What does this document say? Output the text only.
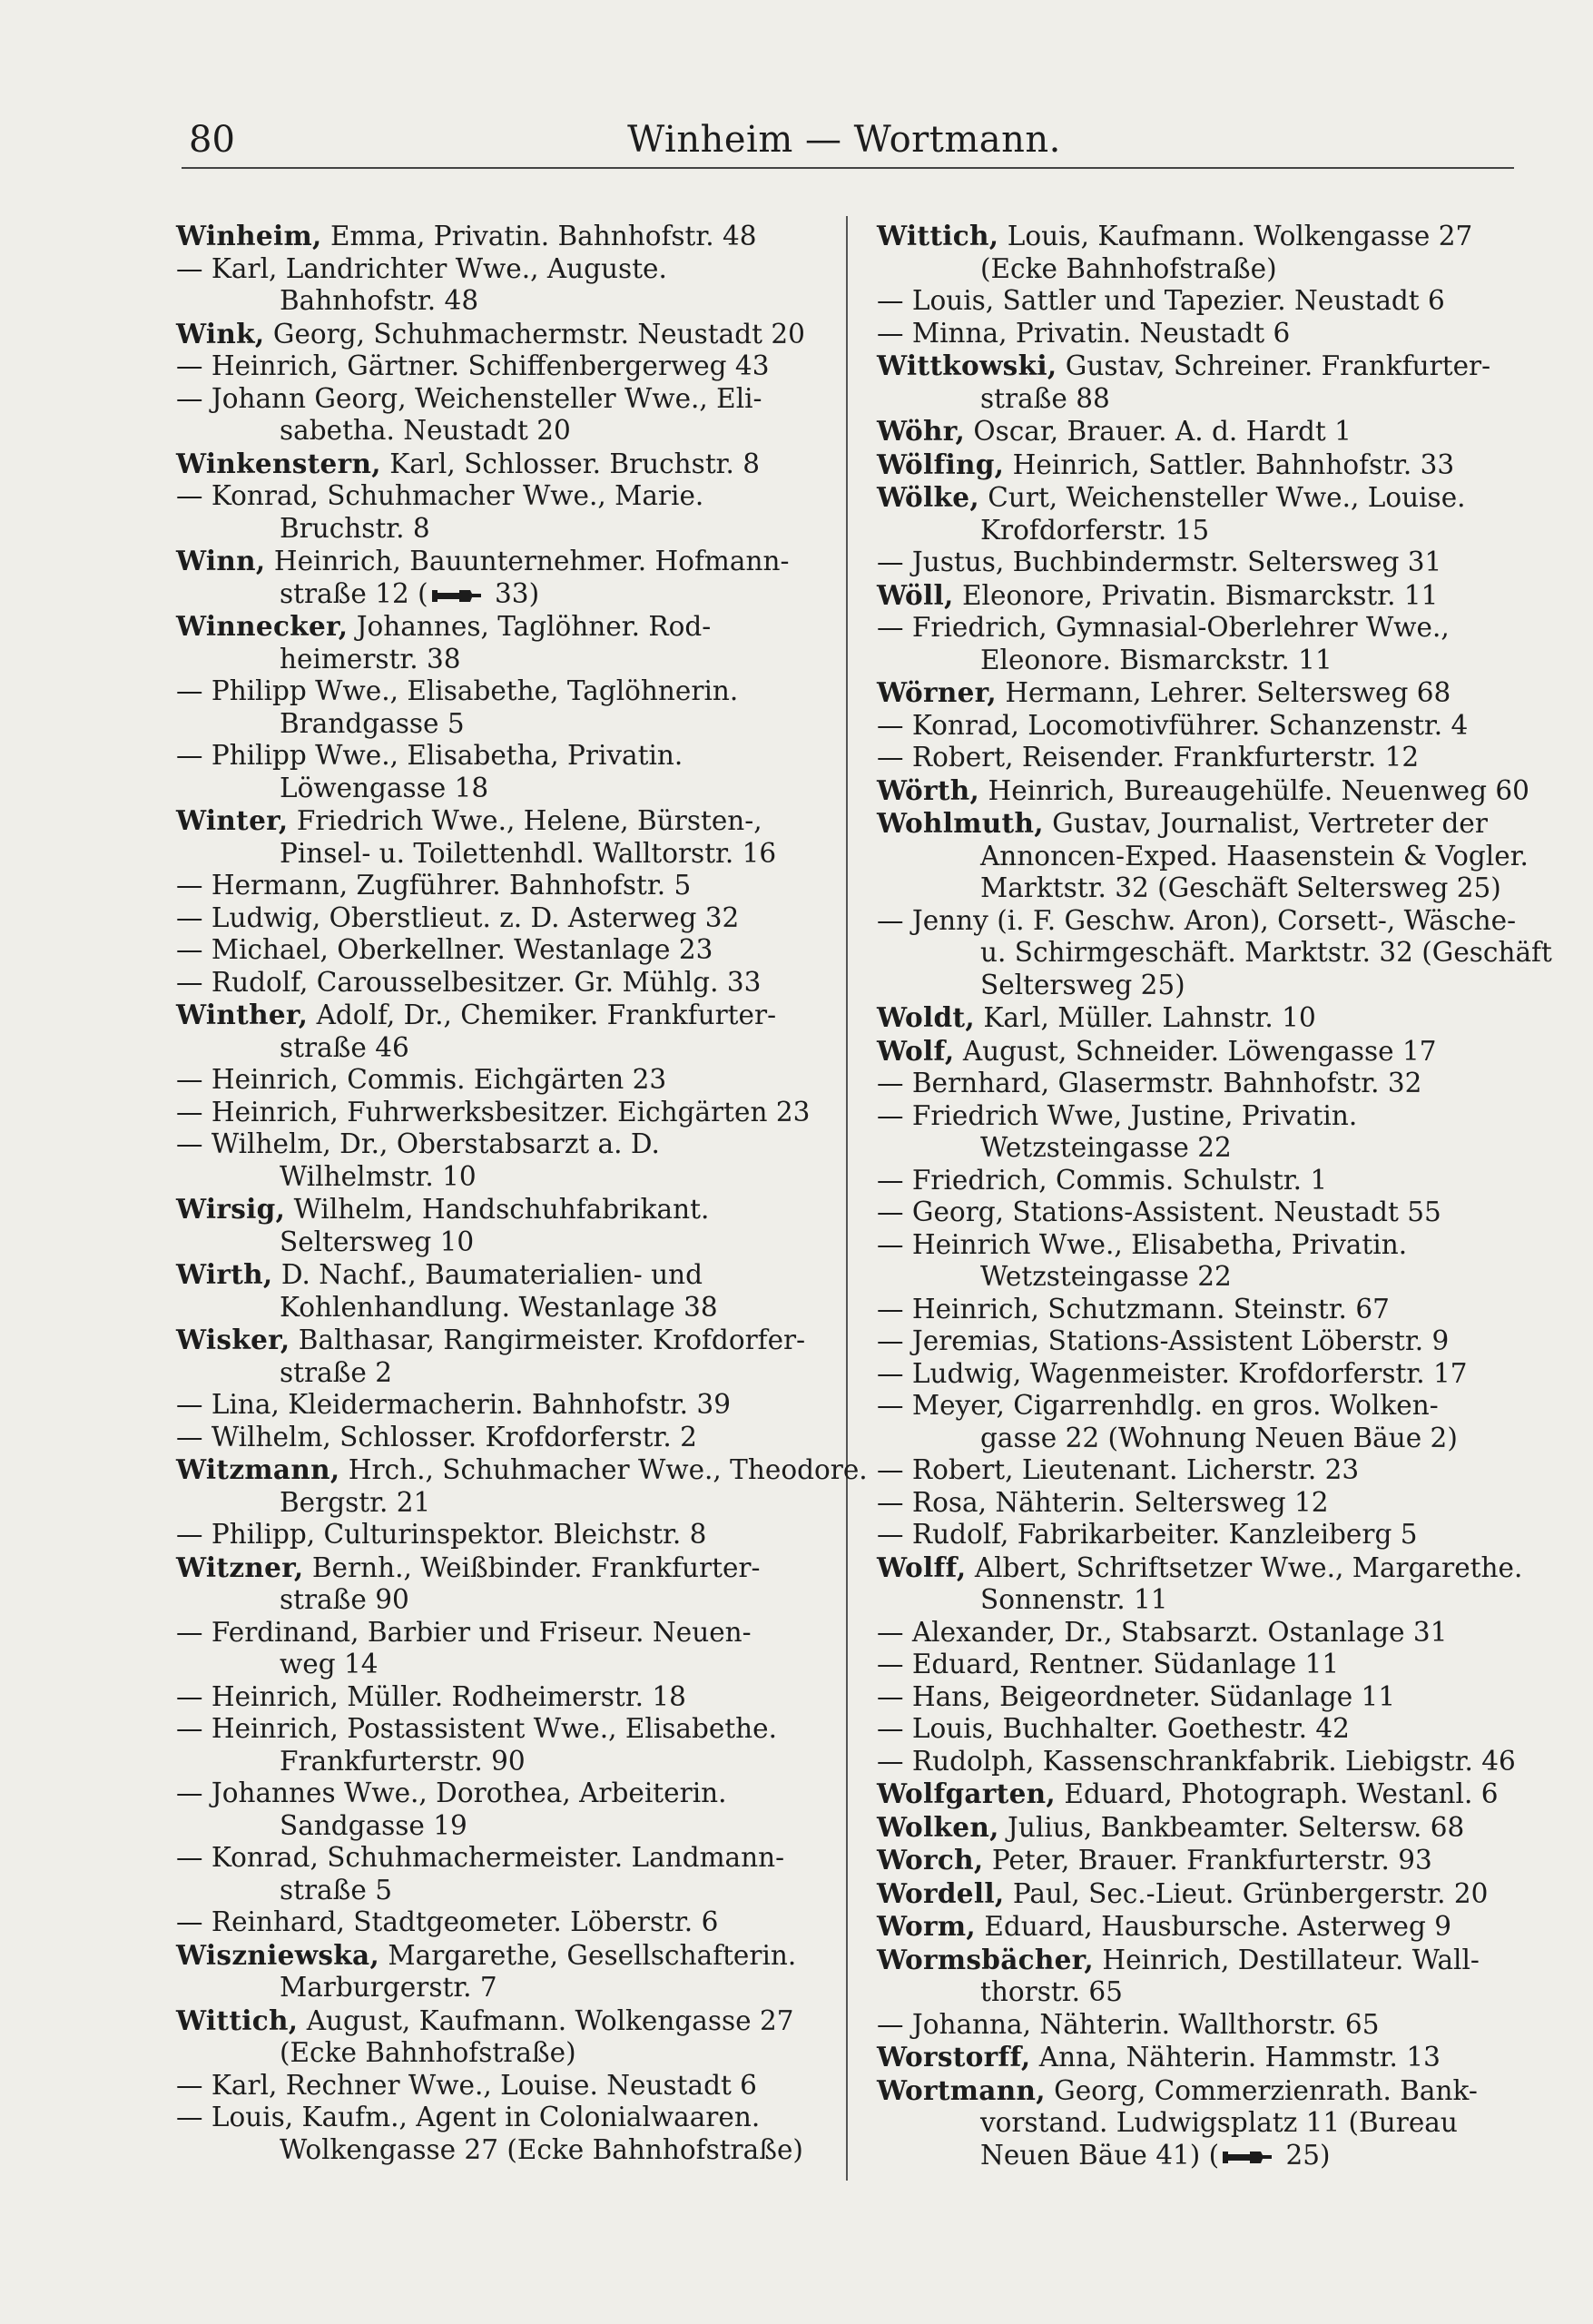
80	Winheim — Wortmann.
Winheim, Emma, Privatin. Bahnhofstr. 48
— Karl, Landrichter Wwe., Auguste.
Bahnhofstr. 48
Wink, Georg, Schuhmachermstr. Neustadt 20
— Heinrich, Gärtner. Schiffenbergerweg 43
— Johann Georg, Weichensteller Wwe., Eli-
sabetha. Neustadt 20
Winkenstern, Karl, Schlosser. Bruchstr. 8
— Konrad, Schuhmacher Wwe., Marie.
Bruchstr. 8
Winn, Heinrich, Bauunternehmer. Hofmann-
straße 12 ( 33)
Winnecker, Johannes, Taglöhner. Rod-
heimerstr. 38
— Philipp Wwe., Elisabethe, Taglöhnerin.
Brandgasse 5
— Philipp Wwe., Elisabetha, Privatin.
Löwengasse 18
Winter, Friedrich Wwe., Helene, Bürsten-,
Pinsel- u. Toilettenhdl. Walltorstr. 16
— Hermann, Zugführer. Bahnhofstr. 5
— Ludwig, Oberstlieut. z. D. Asterweg 32
— Michael, Oberkellner. Westanlage 23
— Rudolf, Carousselbesitzer. Gr. Mühlg. 33
Winther, Adolf, Dr., Chemiker. Frankfurter-
straße 46
— Heinrich, Commis. Eichgärten 23
— Heinrich, Fuhrwerksbesitzer. Eichgärten 23
— Wilhelm, Dr., Oberstabsarzt a. D.
Wilhelmstr. 10
Wirsig, Wilhelm, Handschuhfabrikant.
Seltersweg 10
Wirth, D. Nachf., Baumaterialien- und
Kohlenhandlung. Westanlage 38
Wisker, Balthasar, Rangirmeister. Krofdorfer-
straße 2
— Lina, Kleidermacherin. Bahnhofstr. 39
— Wilhelm, Schlosser. Krofdorferstr. 2
Witzmann, Hrch., Schuhmacher Wwe., Theodore.
Bergstr. 21
— Philipp, Culturinspektor. Bleichstr. 8
Witzner, Bernh., Weißbinder. Frankfurter-
straße 90
— Ferdinand, Barbier und Friseur. Neuen-
weg 14
— Heinrich, Müller. Rodheimerstr. 18
— Heinrich, Postassistent Wwe., Elisabethe.
Frankfurterstr. 90
— Johannes Wwe., Dorothea, Arbeiterin.
Sandgasse 19
— Konrad, Schuhmachermeister. Landmann-
straße 5
— Reinhard, Stadtgeometer. Löberstr. 6
Wiszniewska, Margarethe, Gesellschafterin.
Marburgerstr. 7
Wittich, August, Kaufmann. Wolkengasse 27
(Ecke Bahnhofstraße)
— Karl, Rechner Wwe., Louise. Neustadt 6
— Louis, Kaufm., Agent in Colonialwaaren.
Wolkengasse 27 (Ecke Bahnhofstraße)
Wittich, Louis, Kaufmann. Wolkengasse 27
(Ecke Bahnhofstraße)
— Louis, Sattler und Tapezier. Neustadt 6
— Minna, Privatin. Neustadt 6
Wittkowski, Gustav, Schreiner. Frankfurter-
straße 88
Wöhr, Oscar, Brauer. A. d. Hardt 1
Wölfing, Heinrich, Sattler. Bahnhofstr. 33
Wölke, Curt, Weichensteller Wwe., Louise.
Krofdorferstr. 15
— Justus, Buchbindermstr. Seltersweg 31
Wöll, Eleonore, Privatin. Bismarckstr. 11
— Friedrich, Gymnasial-Oberlehrer Wwe.,
Eleonore. Bismarckstr. 11
Wörner, Hermann, Lehrer. Seltersweg 68
— Konrad, Locomotivführer. Schanzenstr. 4
— Robert, Reisender. Frankfurterstr. 12
Wörth, Heinrich, Bureaugehülfe. Neuenweg 60
Wohlmuth, Gustav, Journalist, Vertreter der
Annoncen-Exped. Haasenstein & Vogler.
Marktstr. 32 (Geschäft Seltersweg 25)
— Jenny (i. F. Geschw. Aron), Corsett-, Wäsche-
u. Schirmgeschäft. Marktstr. 32 (Geschäft
Seltersweg 25)
Woldt, Karl, Müller. Lahnstr. 10
Wolf, August, Schneider. Löwengasse 17
— Bernhard, Glasermstr. Bahnhofstr. 32
— Friedrich Wwe, Justine, Privatin.
Wetzsteingasse 22
— Friedrich, Commis. Schulstr. 1
— Georg, Stations-Assistent. Neustadt 55
— Heinrich Wwe., Elisabetha, Privatin.
Wetzsteingasse 22
— Heinrich, Schutzmann. Steinstr. 67
— Jeremias, Stations-Assistent Löberstr. 9
— Ludwig, Wagenmeister. Krofdorferstr. 17
— Meyer, Cigarrenhdlg. en gros. Wolken-
gasse 22 (Wohnung Neuen Bäue 2)
— Robert, Lieutenant. Licherstr. 23
— Rosa, Nähterin. Seltersweg 12
— Rudolf, Fabrikarbeiter. Kanzleiberg 5
Wolff, Albert, Schriftsetzer Wwe., Margarethe.
Sonnenstr. 11
— Alexander, Dr., Stabsarzt. Ostanlage 31
— Eduard, Rentner. Südanlage 11
— Hans, Beigeordneter. Südanlage 11
— Louis, Buchhalter. Goethestr. 42
— Rudolph, Kassenschrankfabrik. Liebigstr. 46
Wolfgarten, Eduard, Photograph. Westanl. 6
Wolken, Julius, Bankbeamter. Seltersw. 68
Worch, Peter, Brauer. Frankfurterstr. 93
Wordell, Paul, Sec.-Lieut. Grünbergerstr. 20
Worm, Eduard, Hausbursche. Asterweg 9
Wormsbächer, Heinrich, Destillateur. Wall-
thorstr. 65
— Johanna, Nähterin. Wallthorstr. 65
Worstorff, Anna, Nähterin. Hammstr. 13
Wortmann, Georg, Commerzienrath. Bank-
vorstand. Ludwigsplatz 11 (Bureau
Neuen Bäue 41) ( 25)
